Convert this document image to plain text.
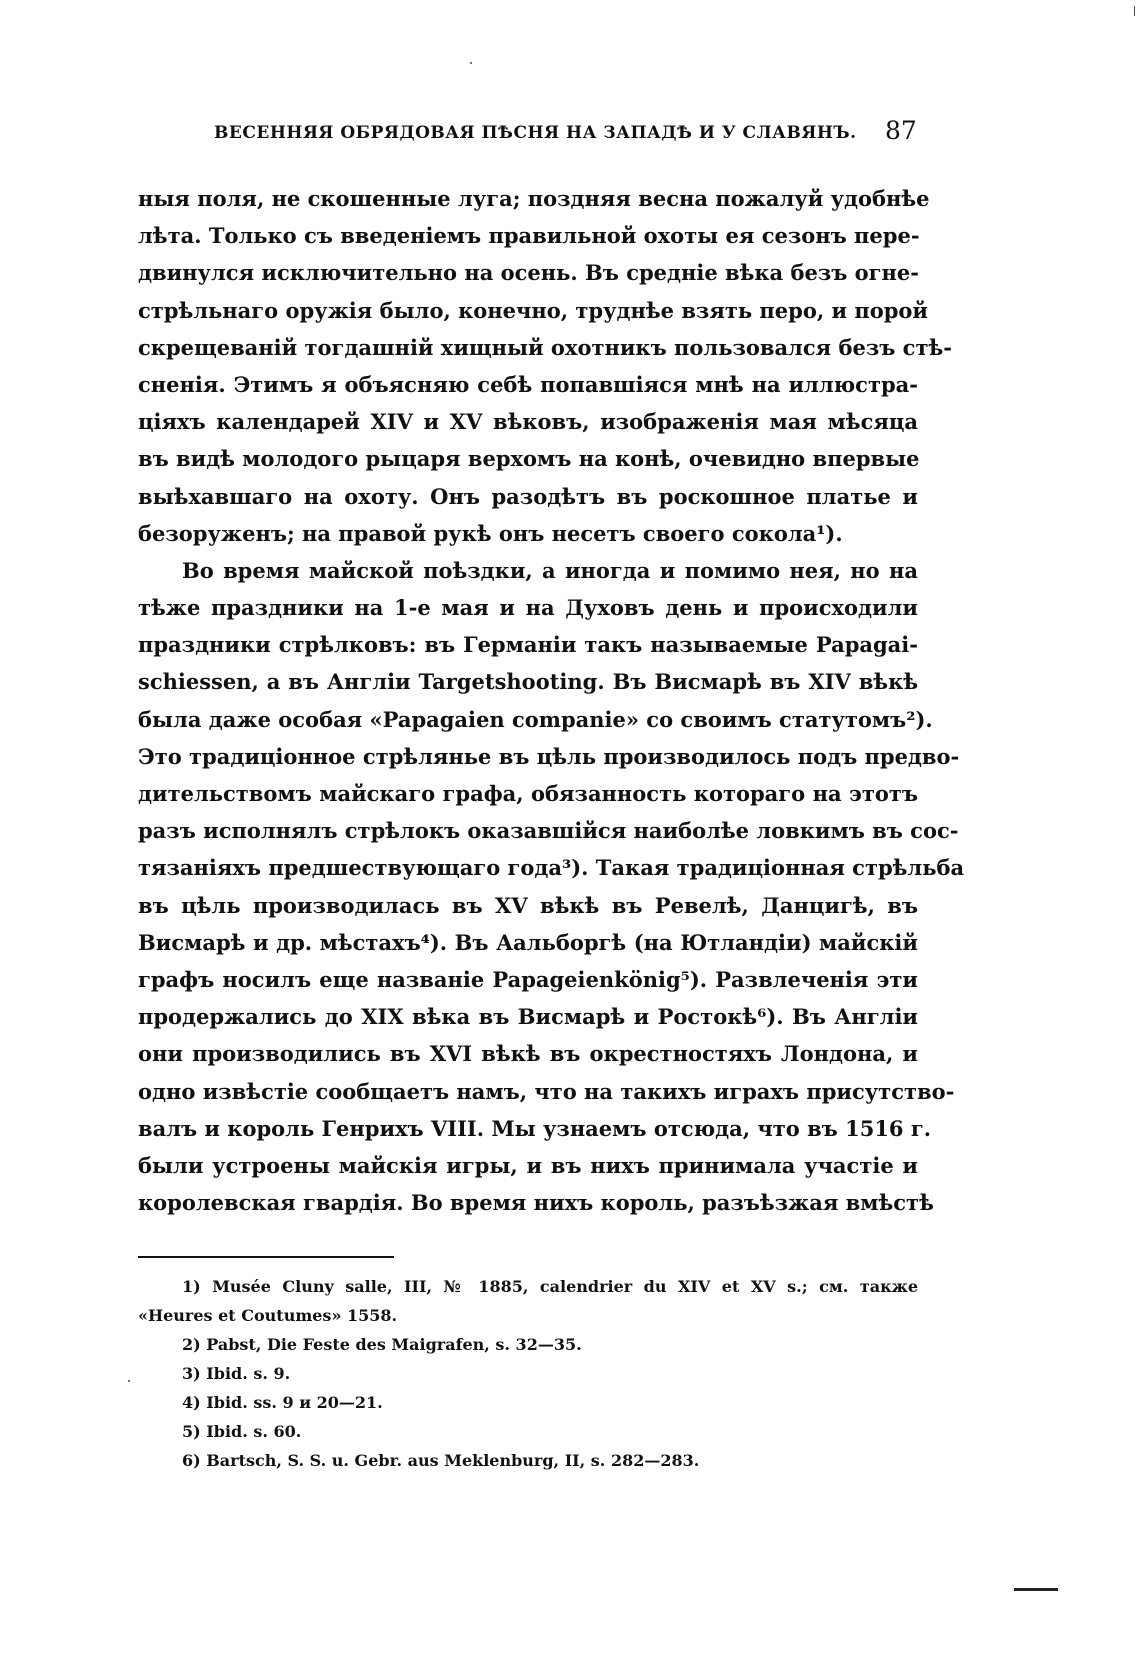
ВЕСЕННЯЯ ОБРЯДОВАЯ ПѢСНЯ НА ЗАПАДѢ И У СЛАВЯНЪ.	87
ныя поля, не скошенные луга; поздняя весна пожалуй удобнѣе
лѣта. Только съ введеніемъ правильной охоты ея сезонъ пере-
двинулся исключительно на осень. Въ средніе вѣка безъ огне-
стрѣльнаго оружія было, конечно, труднѣе взять перо, и порой
скрещеваній тогдашній хищный охотникъ пользовался безъ стѣ-
сненія. Этимъ я объясняю себѣ попавшіяся мнѣ на иллюстра-
ціяхъ календарей XIV и XV вѣковъ, изображенія мая мѣсяца
въ видѣ молодого рыцаря верхомъ на конѣ, очевидно впервые
выѣхавшаго на охоту. Онъ разодѣтъ въ роскошное платье и
безоруженъ; на правой рукѣ онъ несетъ своего сокола¹).
Во время майской поѣздки, а иногда и помимо нея, но на
тѣже праздники на 1-е мая и на Духовъ день и происходили
праздники стрѣлковъ: въ Германіи такъ называемые Papagai-
schiessen, а въ Англіи Targetshooting. Въ Висмарѣ въ XIV вѣкѣ
была даже особая «Papagaien companie» со своимъ статутомъ²).
Это традиціонное стрѣлянье въ цѣль производилось подъ предво-
дительствомъ майскаго графа, обязанность котораго на этотъ
разъ исполнялъ стрѣлокъ оказавшійся наиболѣе ловкимъ въ сос-
тязаніяхъ предшествующаго года³). Такая традиціонная стрѣльба
въ цѣль производилась въ XV вѣкѣ въ Ревелѣ, Данцигѣ, въ
Висмарѣ и др. мѣстахъ⁴). Въ Аальборгѣ (на Ютландіи) майскій
графъ носилъ еще названіе Papageienkönig⁵). Развлеченія эти
продержались до XIX вѣка въ Висмарѣ и Ростокѣ⁶). Въ Англіи
они производились въ XVI вѣкѣ въ окрестностяхъ Лондона, и
одно извѣстіе сообщаетъ намъ, что на такихъ играхъ присутство-
валъ и король Генрихъ VIII. Мы узнаемъ отсюда, что въ 1516 г.
были устроены майскія игры, и въ нихъ принимала участіе и
королевская гвардія. Во время нихъ король, разъѣзжая вмѣстѣ
1) Musée Cluny salle, III, № 1885, calendrier du XIV et XV s.; см. также
«Heures et Coutumes» 1558.
2) Pabst, Die Feste des Maigrafen, s. 32—35.
3) Ibid. s. 9.
4) Ibid. ss. 9 и 20—21.
5) Ibid. s. 60.
6) Bartsch, S. S. u. Gebr. aus Meklenburg, II, s. 282—283.
